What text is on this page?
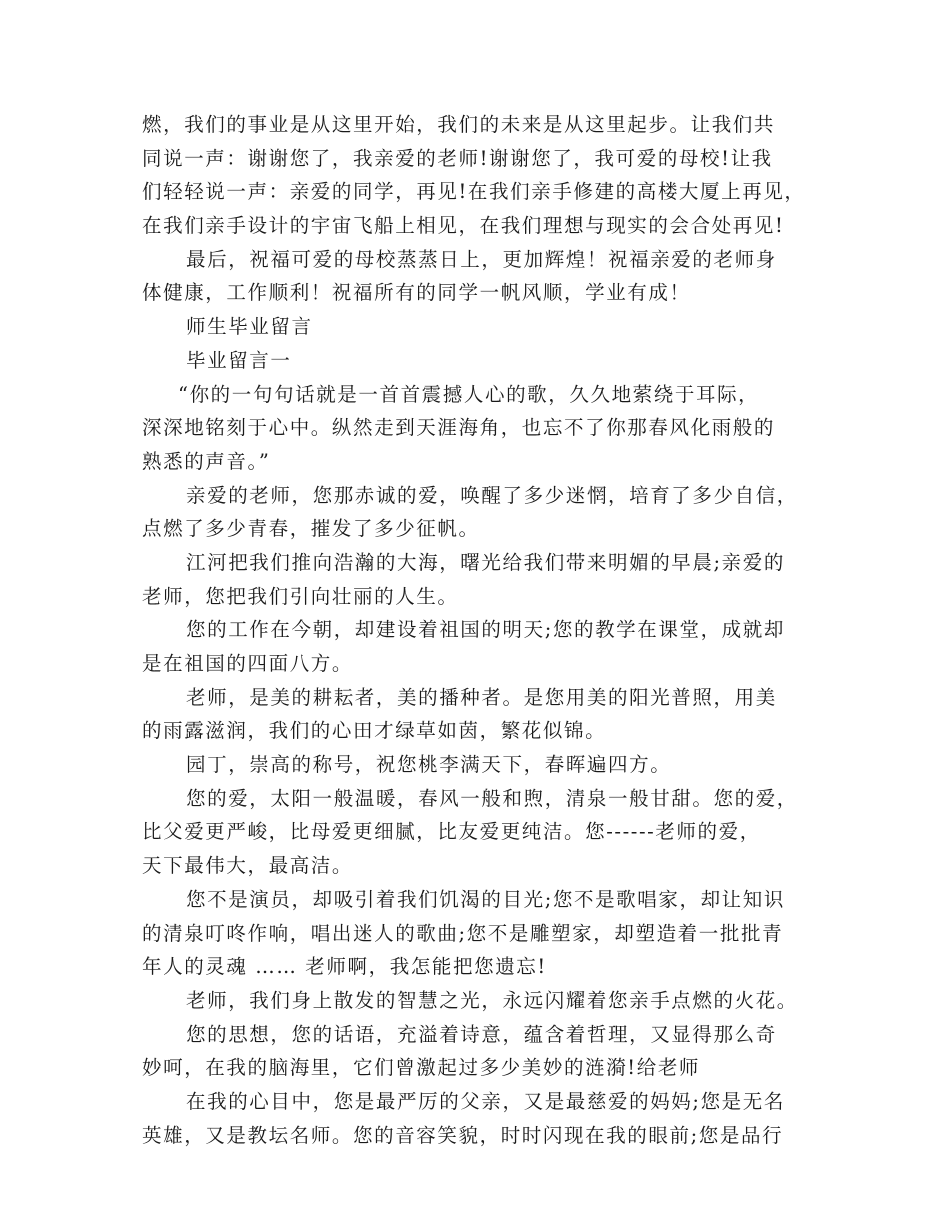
燃，我们的事业是从这里开始，我们的未来是从这里起步。让我们共
同说一声：谢谢您了，我亲爱的老师!谢谢您了，我可爱的母校!让我
们轻轻说一声：亲爱的同学，再见!在我们亲手修建的高楼大厦上再见，
在我们亲手设计的宇宙飞船上相见，在我们理想与现实的会合处再见!
最后，祝福可爱的母校蒸蒸日上，更加辉煌！祝福亲爱的老师身
体健康，工作顺利！祝福所有的同学一帆风顺，学业有成！
师生毕业留言
毕业留言一
“你的一句句话就是一首首震撼人心的歌，久久地萦绕于耳际，
深深地铭刻于心中。纵然走到天涯海角，也忘不了你那春风化雨般的
熟悉的声音。”
亲爱的老师，您那赤诚的爱，唤醒了多少迷惘，培育了多少自信，
点燃了多少青春，摧发了多少征帆。
江河把我们推向浩瀚的大海，曙光给我们带来明媚的早晨;亲爱的
老师，您把我们引向壮丽的人生。
您的工作在今朝，却建设着祖国的明天;您的教学在课堂，成就却
是在祖国的四面八方。
老师，是美的耕耘者，美的播种者。是您用美的阳光普照，用美
的雨露滋润，我们的心田才绿草如茵，繁花似锦。
园丁，崇高的称号，祝您桃李满天下，春晖遍四方。
您的爱，太阳一般温暖，春风一般和煦，清泉一般甘甜。您的爱，
比父爱更严峻，比母爱更细腻，比友爱更纯洁。您------老师的爱，
天下最伟大，最高洁。
您不是演员，却吸引着我们饥渴的目光;您不是歌唱家，却让知识
的清泉叮咚作响，唱出迷人的歌曲;您不是雕塑家，却塑造着一批批青
年人的灵魂 …… 老师啊，我怎能把您遗忘!
老师，我们身上散发的智慧之光，永远闪耀着您亲手点燃的火花。
您的思想，您的话语，充溢着诗意，蕴含着哲理，又显得那么奇
妙呵，在我的脑海里，它们曾激起过多少美妙的涟漪!给老师
在我的心目中，您是最严厉的父亲，又是最慈爱的妈妈;您是无名
英雄，又是教坛名师。您的音容笑貌，时时闪现在我的眼前;您是品行
